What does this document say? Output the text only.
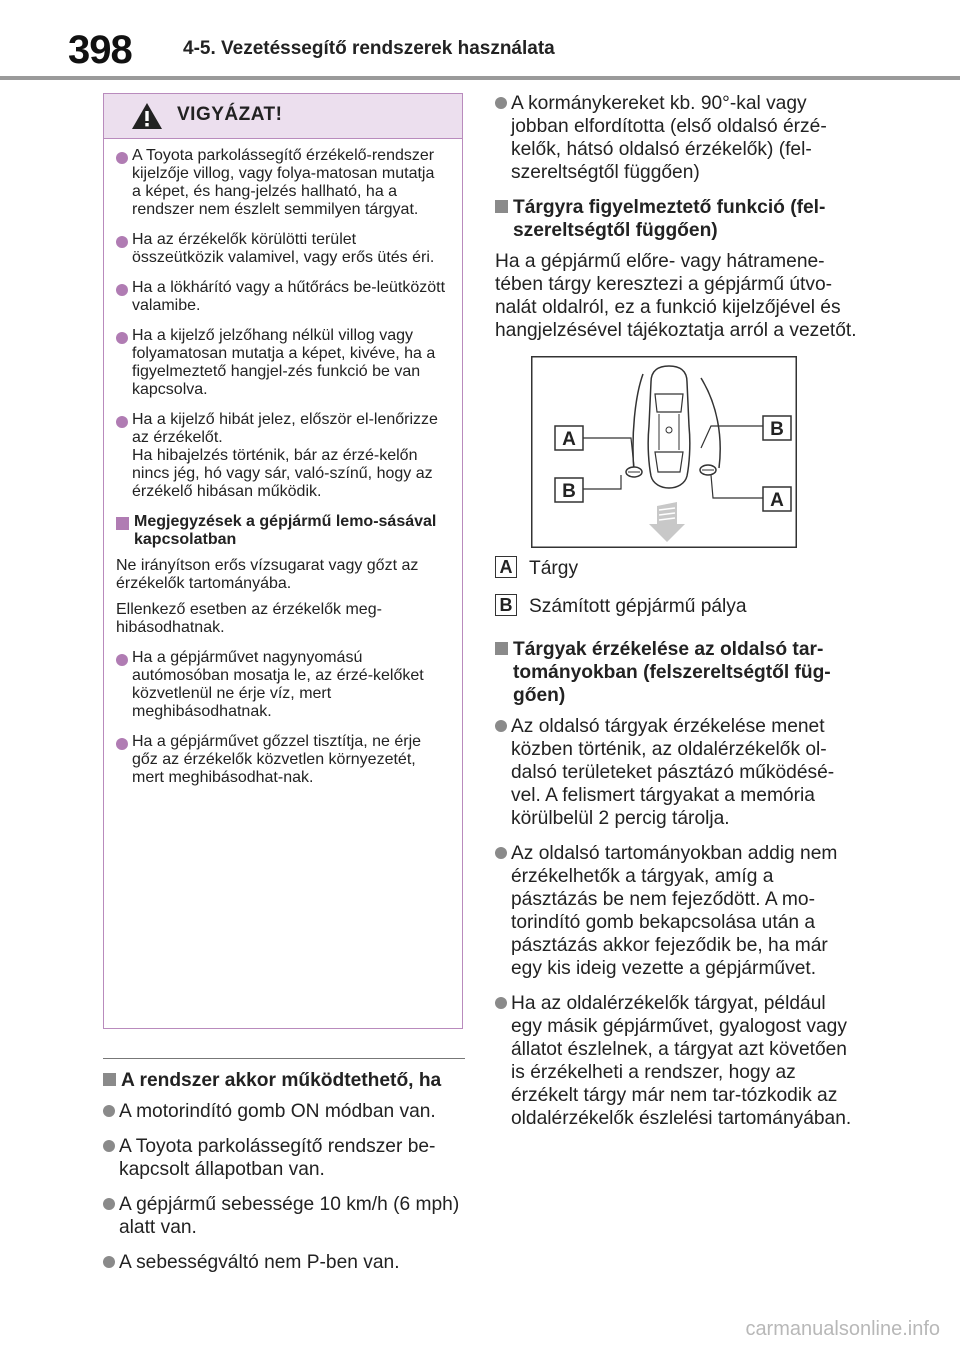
398	4-5. Vezetéssegítő rendszerek használata
VIGYÁZAT!
A Toyota parkolássegítő érzékelő-rendszer kijelzője villog, vagy folya-matosan mutatja a képet, és hang-jelzés hallható, ha a rendszer nem észlelt semmilyen tárgyat.
Ha az érzékelők körülötti terület összeütközik valamivel, vagy erős ütés éri.
Ha a lökhárító vagy a hűtőrács be-leütközött valamibe.
Ha a kijelző jelzőhang nélkül villog vagy folyamatosan mutatja a képet, kivéve, ha a figyelmeztető hangjel-zés funkció be van kapcsolva.
Ha a kijelző hibát jelez, először el-lenőrizze az érzékelőt.
Ha hibajelzés történik, bár az érzé-kelőn nincs jég, hó vagy sár, való-színű, hogy az érzékelő hibásan működik.
Megjegyzések a gépjármű lemo-sásával kapcsolatban
Ne irányítson erős vízsugarat vagy gőzt az érzékelők tartományába.
Ellenkező esetben az érzékelők meg-hibásodhatnak.
Ha a gépjárművet nagynyomású autómosóban mosatja le, az érzé-kelőket közvetlenül ne érje víz, mert meghibásodhatnak.
Ha a gépjárművet gőzzel tisztítja, ne érje gőz az érzékelők közvetlen környezetét, mert meghibásodhat-nak.
A rendszer akkor működtethető, ha
A motorindító gomb ON módban van.
A Toyota parkolássegítő rendszer be-kapcsolt állapotban van.
A gépjármű sebessége 10 km/h (6 mph) alatt van.
A sebességváltó nem P-ben van.
A kormánykereket kb. 90°-kal vagy jobban elfordította (első oldalsó érzé-kelők, hátsó oldalsó érzékelők) (fel-szereltségtől függően)
Tárgyra figyelmeztető funkció (fel-szereltségtől függően)
Ha a gépjármű előre- vagy hátramene-tében tárgy keresztezi a gépjármű útvo-nalát oldalról, ez a funkció kijelzőjével és hangjelzésével tájékoztatja arról a vezetőt.
A
B
B
A
A Tárgy
B Számított gépjármű pálya
Tárgyak érzékelése az oldalsó tar-tományokban (felszereltségtől füg-gően)
Az oldalsó tárgyak érzékelése menet közben történik, az oldalérzékelők ol-dalsó területeket pásztázó működésé-vel. A felismert tárgyakat a memória körülbelül 2 percig tárolja.
Az oldalsó tartományokban addig nem érzékelhetők a tárgyak, amíg a pásztázás be nem fejeződött. A mo-torindító gomb bekapcsolása után a pásztázás akkor fejeződik be, ha már egy kis ideig vezette a gépjárművet.
Ha az oldalérzékelők tárgyat, például egy másik gépjárművet, gyalogost vagy állatot észlelnek, a tárgyat azt követően is érzékelheti a rendszer, hogy az érzékelt tárgy már nem tar-tózkodik az oldalérzékelők észlelési tartományában.
carmanualsonline.info
